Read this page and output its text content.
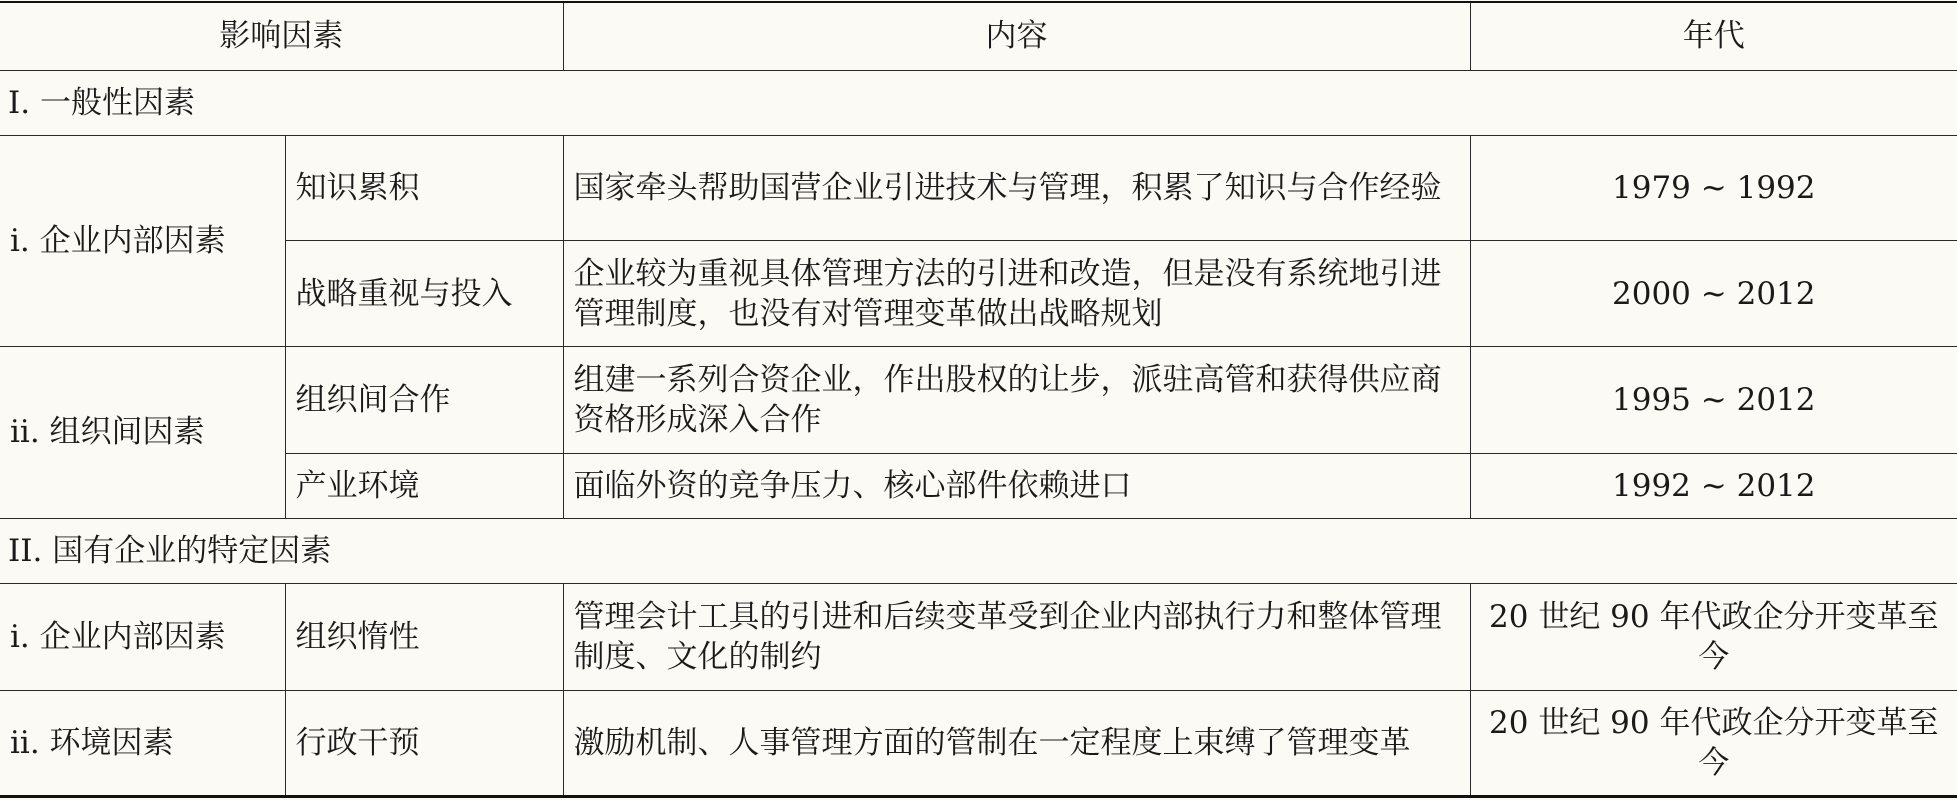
影响因素		内容	年代
I. 一般性因素			
i. 企业内部因素	知识累积	国家牵头帮助国营企业引进技术与管理，积累了知识与合作经验	1979 ~ 1992
	战略重视与投入	企业较为重视具体管理方法的引进和改造，但是没有系统地引进管理制度，也没有对管理变革做出战略规划	2000 ~ 2012
ii. 组织间因素	组织间合作	组建一系列合资企业，作出股权的让步，派驻高管和获得供应商资格形成深入合作	1995 ~ 2012
	产业环境	面临外资的竞争压力、核心部件依赖进口	1992 ~ 2012
II. 国有企业的特定因素			
i. 企业内部因素	组织惰性	管理会计工具的引进和后续变革受到企业内部执行力和整体管理制度、文化的制约	20 世纪 90 年代政企分开变革至今
ii. 环境因素	行政干预	激励机制、人事管理方面的管制在一定程度上束缚了管理变革	20 世纪 90 年代政企分开变革至今
